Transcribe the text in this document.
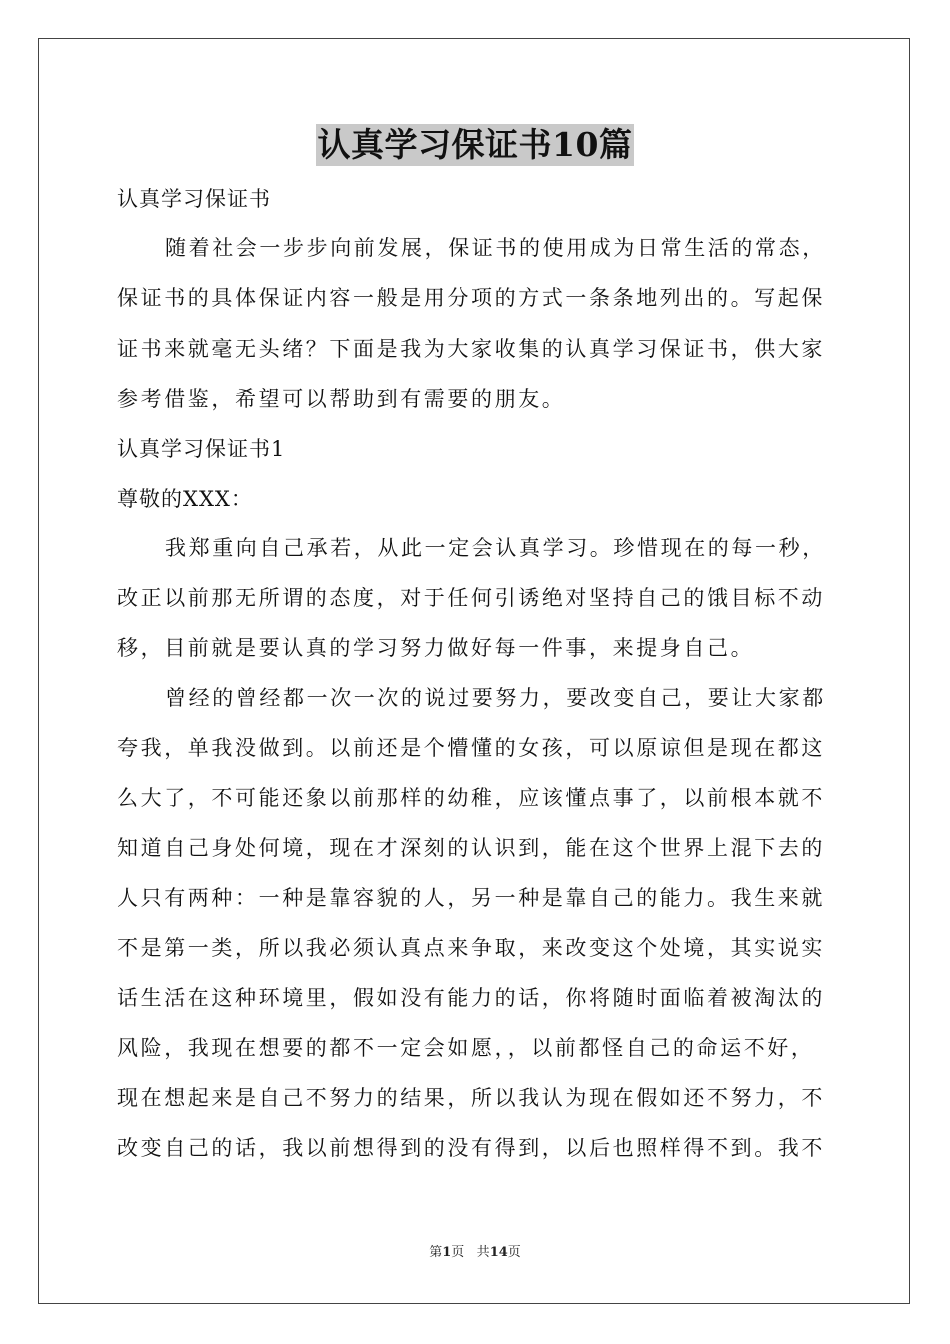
认真学习保证书10篇
认真学习保证书
随着社会一步步向前发展，保证书的使用成为日常生活的常态，
保证书的具体保证内容一般是用分项的方式一条条地列出的。写起保
证书来就毫无头绪？下面是我为大家收集的认真学习保证书，供大家
参考借鉴，希望可以帮助到有需要的朋友。
认真学习保证书1
尊敬的XXX：
我郑重向自己承若，从此一定会认真学习。珍惜现在的每一秒，
改正以前那无所谓的态度，对于任何引诱绝对坚持自己的饿目标不动
移，目前就是要认真的学习努力做好每一件事，来提身自己。
曾经的曾经都一次一次的说过要努力，要改变自己，要让大家都
夸我，单我没做到。以前还是个懵懂的女孩，可以原谅但是现在都这
么大了，不可能还象以前那样的幼稚，应该懂点事了，以前根本就不
知道自己身处何境，现在才深刻的认识到，能在这个世界上混下去的
人只有两种：一种是靠容貌的人，另一种是靠自己的能力。我生来就
不是第一类，所以我必须认真点来争取，来改变这个处境，其实说实
话生活在这种环境里，假如没有能力的话，你将随时面临着被淘汰的
风险，我现在想要的都不一定会如愿，，以前都怪自己的命运不好，
现在想起来是自己不努力的结果，所以我认为现在假如还不努力，不
改变自己的话，我以前想得到的没有得到，以后也照样得不到。我不
第1页 共14页
